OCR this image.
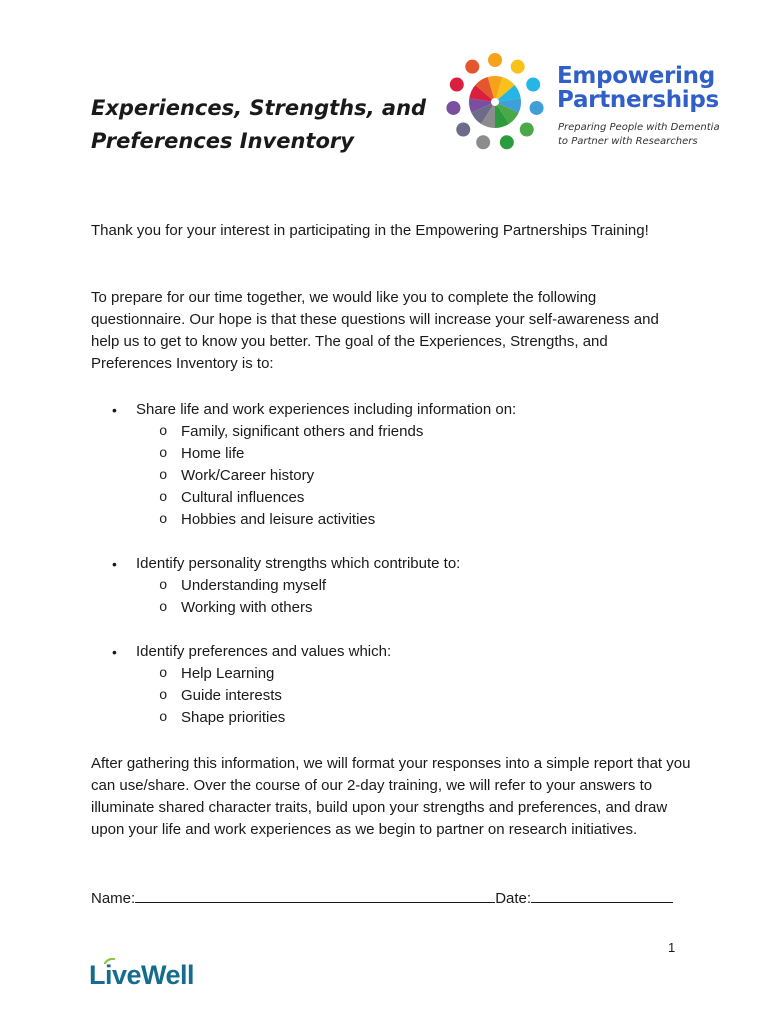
Experiences, Strengths, and
Preferences Inventory
Empowering
Partnerships
Preparing People with Dementia
to Partner with Researchers

Thank you for your interest in participating in the Empowering Partnerships Training!

To prepare for our time together, we would like you to complete the following questionnaire. Our hope is that these questions will increase your self-awareness and help us to get to know you better. The goal of the Experiences, Strengths, and Preferences Inventory is to:

• Share life and work experiences including information on:
o Family, significant others and friends
o Home life
o Work/Career history
o Cultural influences
o Hobbies and leisure activities
• Identify personality strengths which contribute to:
o Understanding myself
o Working with others
• Identify preferences and values which:
o Help Learning
o Guide interests
o Shape priorities

After gathering this information, we will format your responses into a simple report that you can use/share. Over the course of our 2-day training, we will refer to your answers to illuminate shared character traits, build upon your strengths and preferences, and draw upon your life and work experiences as we begin to partner on research initiatives.

Name:	Date:
1
LiveWell
